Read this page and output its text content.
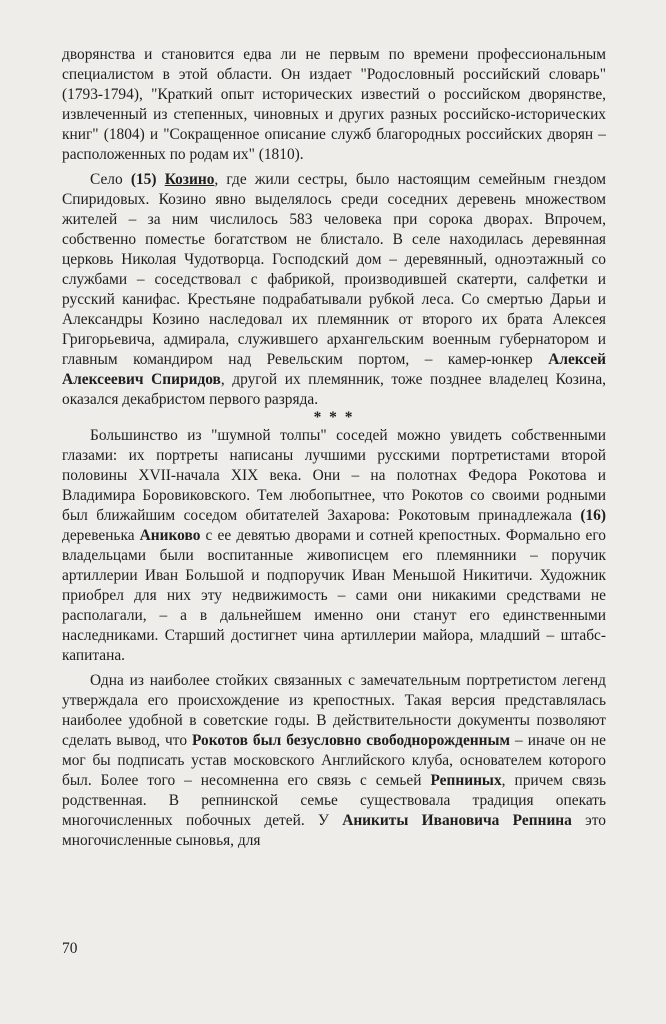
дворянства и становится едва ли не первым по времени профессиональным специалистом в этой области. Он издает "Родословный российский словарь" (1793-1794), "Краткий опыт исторических известий о российском дворянстве, извлеченный из степенных, чиновных и других разных российско-исторических книг" (1804) и "Сокращенное описание служб благородных российских дворян – расположенных по родам их" (1810).

Село (15) Козино, где жили сестры, было настоящим семейным гнездом Спиридовых. Козино явно выделялось среди соседних деревень множеством жителей – за ним числилось 583 человека при сорока дворах. Впрочем, собственно поместье богатством не блистало. В селе находилась деревянная церковь Николая Чудотворца. Господский дом – деревянный, одноэтажный со службами – соседствовал с фабрикой, производившей скатерти, салфетки и русский канифас. Крестьяне подрабатывали рубкой леса. Со смертью Дарьи и Александры Козино наследовал их племянник от второго их брата Алексея Григорьевича, адмирала, служившего архангельским военным губернатором и главным командиром над Ревельским портом, – камер-юнкер Алексей Алексеевич Спиридов, другой их племянник, тоже позднее владелец Козина, оказался декабристом первого разряда.

* * *

Большинство из "шумной толпы" соседей можно увидеть собственными глазами: их портреты написаны лучшими русскими портретистами второй половины XVII-начала XIX века. Они – на полотнах Федора Рокотова и Владимира Боровиковского. Тем любопытнее, что Рокотов со своими родными был ближайшим соседом обитателей Захарова: Рокотовым принадлежала (16) деревенька Аниково с ее девятью дворами и сотней крепостных. Формально его владельцами были воспитанные живописцем его племянники – поручик артиллерии Иван Большой и подпоручик Иван Меньшой Никитичи. Художник приобрел для них эту недвижимость – сами они никакими средствами не располагали, – а в дальнейшем именно они станут его единственными наследниками. Старший достигнет чина артиллерии майора, младший – штабс-капитана.

Одна из наиболее стойких связанных с замечательным портретистом легенд утверждала его происхождение из крепостных. Такая версия представлялась наиболее удобной в советские годы. В действительности документы позволяют сделать вывод, что Рокотов был безусловно свободнорожденным – иначе он не мог бы подписать устав московского Английского клуба, основателем которого был. Более того – несомненна его связь с семьей Репниных, причем связь родственная. В репнинской семье существовала традиция опекать многочисленных побочных детей. У Аникиты Ивановича Репнина это многочисленные сыновья, для

70
